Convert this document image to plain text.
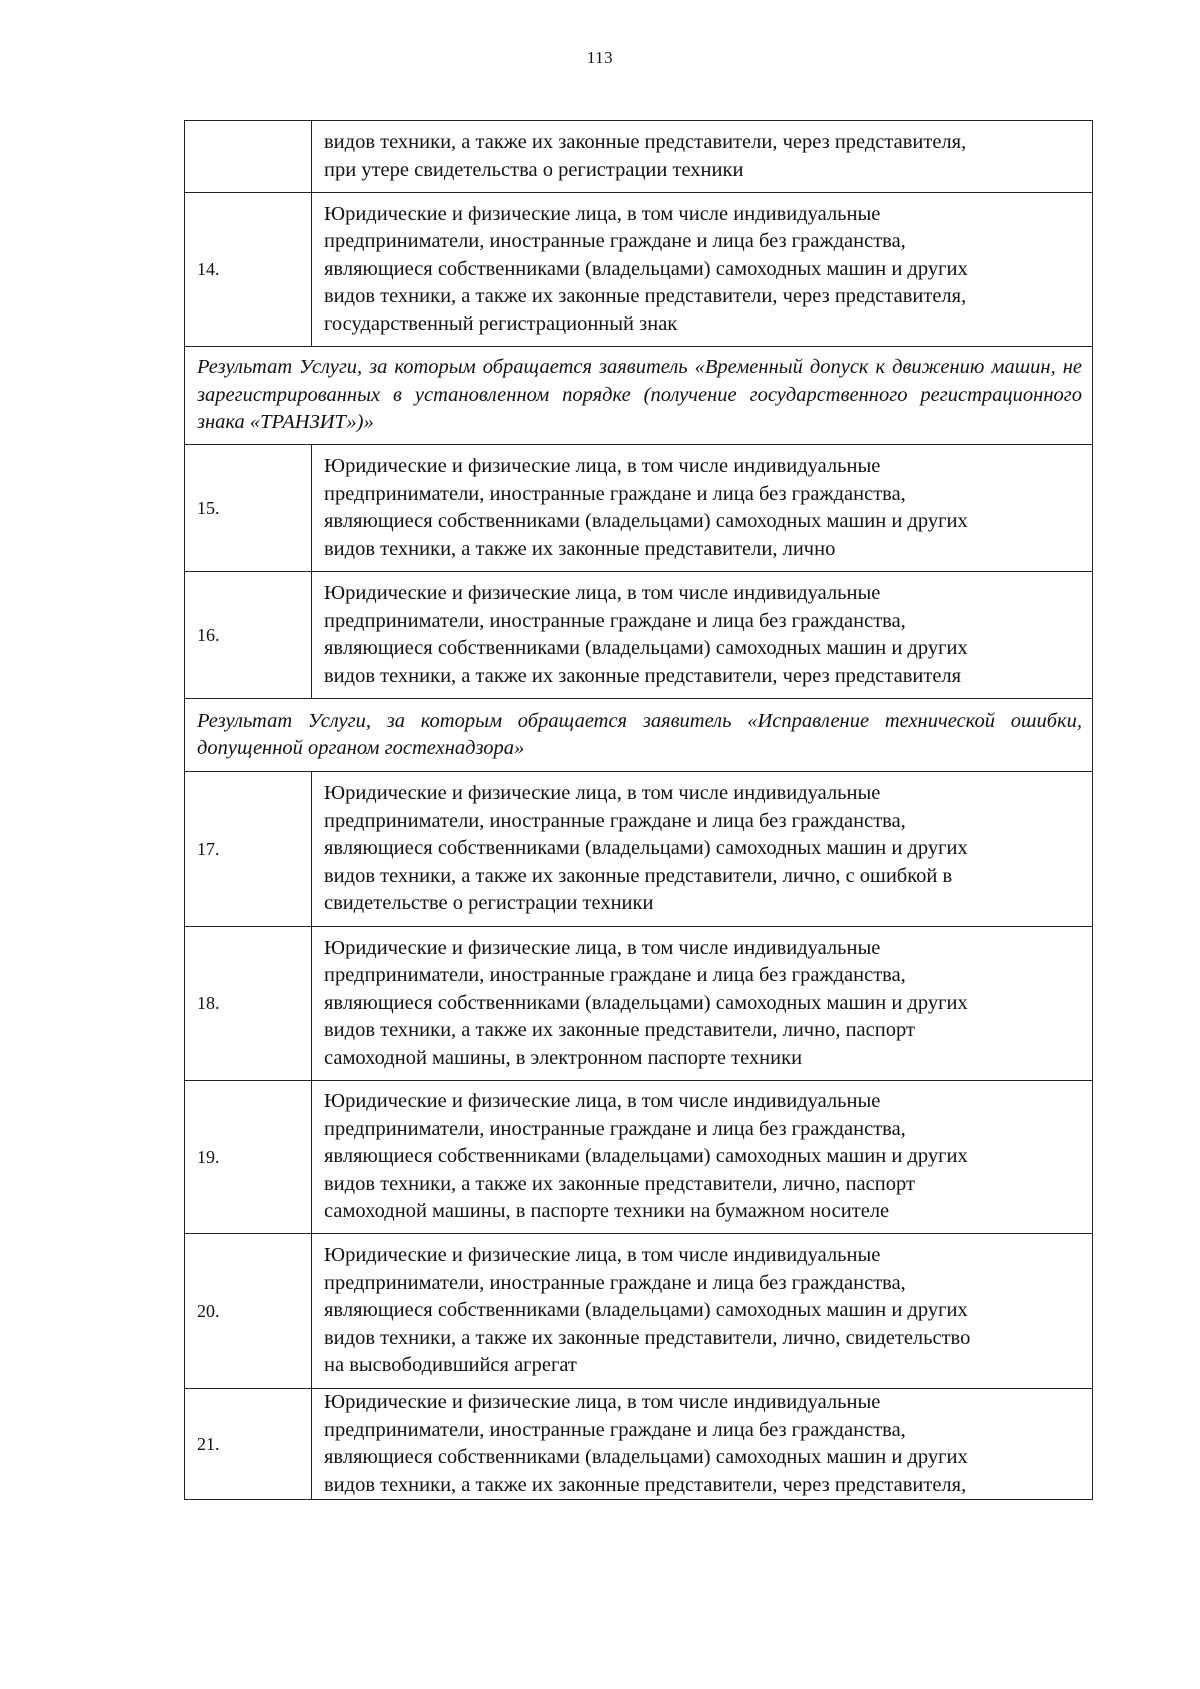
113

	видов техники, а также их законные представители, через представителя,
при утере свидетельства о регистрации техники

14.	Юридические и физические лица, в том числе индивидуальные
предприниматели, иностранные граждане и лица без гражданства,
являющиеся собственниками (владельцами) самоходных машин и других
видов техники, а также их законные представители, через представителя,
государственный регистрационный знак

Результат Услуги, за которым обращается заявитель «Временный допуск к движению машин, не зарегистрированных в установленном порядке (получение государственного регистрационного знака «ТРАНЗИТ»)»	
15.	Юридические и физические лица, в том числе индивидуальные
предприниматели, иностранные граждане и лица без гражданства,
являющиеся собственниками (владельцами) самоходных машин и других
видов техники, а также их законные представители, лично

16.	Юридические и физические лица, в том числе индивидуальные
предприниматели, иностранные граждане и лица без гражданства,
являющиеся собственниками (владельцами) самоходных машин и других
видов техники, а также их законные представители, через представителя

Результат Услуги, за которым обращается заявитель «Исправление технической ошибки, допущенной органом гостехнадзора»	
17.	Юридические и физические лица, в том числе индивидуальные
предприниматели, иностранные граждане и лица без гражданства,
являющиеся собственниками (владельцами) самоходных машин и других
видов техники, а также их законные представители, лично, с ошибкой в
свидетельстве о регистрации техники

18.	Юридические и физические лица, в том числе индивидуальные
предприниматели, иностранные граждане и лица без гражданства,
являющиеся собственниками (владельцами) самоходных машин и других
видов техники, а также их законные представители, лично, паспорт
самоходной машины, в электронном паспорте техники

19.	Юридические и физические лица, в том числе индивидуальные
предприниматели, иностранные граждане и лица без гражданства,
являющиеся собственниками (владельцами) самоходных машин и других
видов техники, а также их законные представители, лично, паспорт
самоходной машины, в паспорте техники на бумажном носителе

20.	Юридические и физические лица, в том числе индивидуальные
предприниматели, иностранные граждане и лица без гражданства,
являющиеся собственниками (владельцами) самоходных машин и других
видов техники, а также их законные представители, лично, свидетельство
на высвободившийся агрегат

21.	Юридические и физические лица, в том числе индивидуальные
предприниматели, иностранные граждане и лица без гражданства,
являющиеся собственниками (владельцами) самоходных машин и других
видов техники, а также их законные представители, через представителя,
